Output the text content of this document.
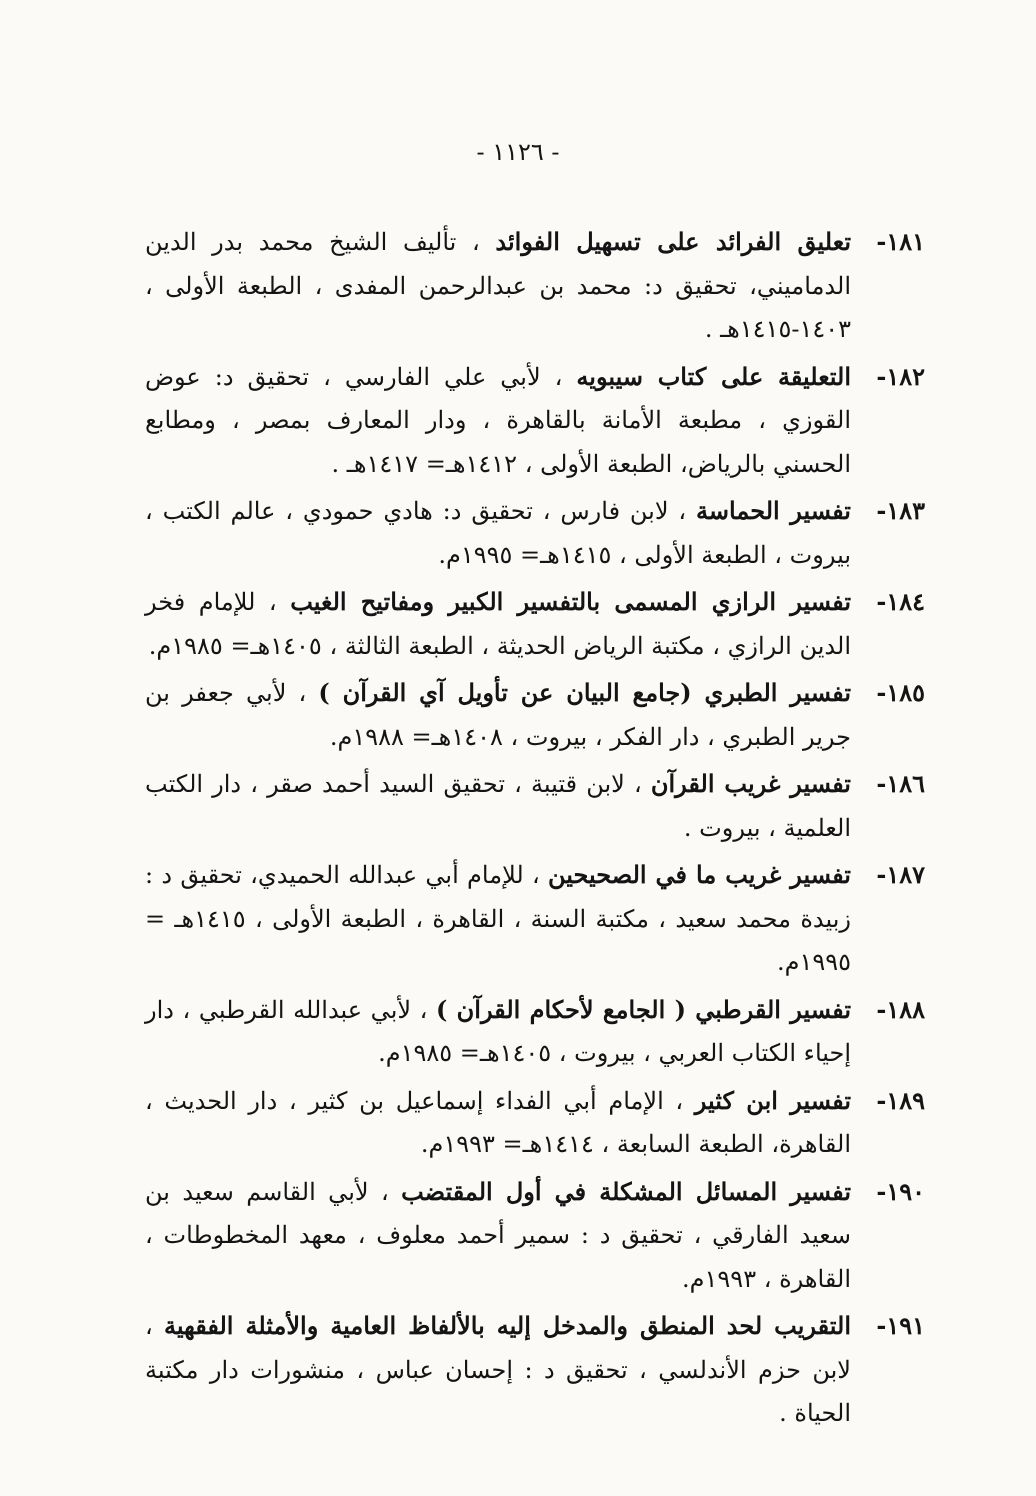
- ١١٢٦ -
١٨١-
تعليق الفرائد على تسهيل الفوائد ، تأليف الشيخ محمد بدر الدين الدماميني، تحقيق د: محمد بن عبدالرحمن المفدى ، الطبعة الأولى ، ١٤٠٣-١٤١٥هـ .
١٨٢-
التعليقة على كتاب سيبويه ، لأبي علي الفارسي ، تحقيق د: عوض القوزي ، مطبعة الأمانة بالقاهرة ، ودار المعارف بمصر ، ومطابع الحسني بالرياض، الطبعة الأولى ، ١٤١٢هـ= ١٤١٧هـ .
١٨٣-
تفسير الحماسة ، لابن فارس ، تحقيق د: هادي حمودي ، عالم الكتب ، بيروت ، الطبعة الأولى ، ١٤١٥هـ= ١٩٩٥م.
١٨٤-
تفسير الرازي المسمى بالتفسير الكبير ومفاتيح الغيب ، للإمام فخر الدين الرازي ، مكتبة الرياض الحديثة ، الطبعة الثالثة ، ١٤٠٥هـ= ١٩٨٥م.
١٨٥-
تفسير الطبري (جامع البيان عن تأويل آي القرآن ) ، لأبي جعفر بن جرير الطبري ، دار الفكر ، بيروت ، ١٤٠٨هـ= ١٩٨٨م.
١٨٦-
تفسير غريب القرآن ، لابن قتيبة ، تحقيق السيد أحمد صقر ، دار الكتب العلمية ، بيروت .
١٨٧-
تفسير غريب ما في الصحيحين ، للإمام أبي عبدالله الحميدي، تحقيق د : زبيدة محمد سعيد ، مكتبة السنة ، القاهرة ، الطبعة الأولى ، ١٤١٥هـ = ١٩٩٥م.
١٨٨-
تفسير القرطبي ( الجامع لأحكام القرآن ) ، لأبي عبدالله القرطبي ، دار إحياء الكتاب العربي ، بيروت ، ١٤٠٥هـ= ١٩٨٥م.
١٨٩-
تفسير ابن كثير ، الإمام أبي الفداء إسماعيل بن كثير ، دار الحديث ، القاهرة، الطبعة السابعة ، ١٤١٤هـ= ١٩٩٣م.
١٩٠-
تفسير المسائل المشكلة في أول المقتضب ، لأبي القاسم سعيد بن سعيد الفارقي ، تحقيق د : سمير أحمد معلوف ، معهد المخطوطات ، القاهرة ، ١٩٩٣م.
١٩١-
التقريب لحد المنطق والمدخل إليه بالألفاظ العامية والأمثلة الفقهية ، لابن حزم الأندلسي ، تحقيق د : إحسان عباس ، منشورات دار مكتبة الحياة .
